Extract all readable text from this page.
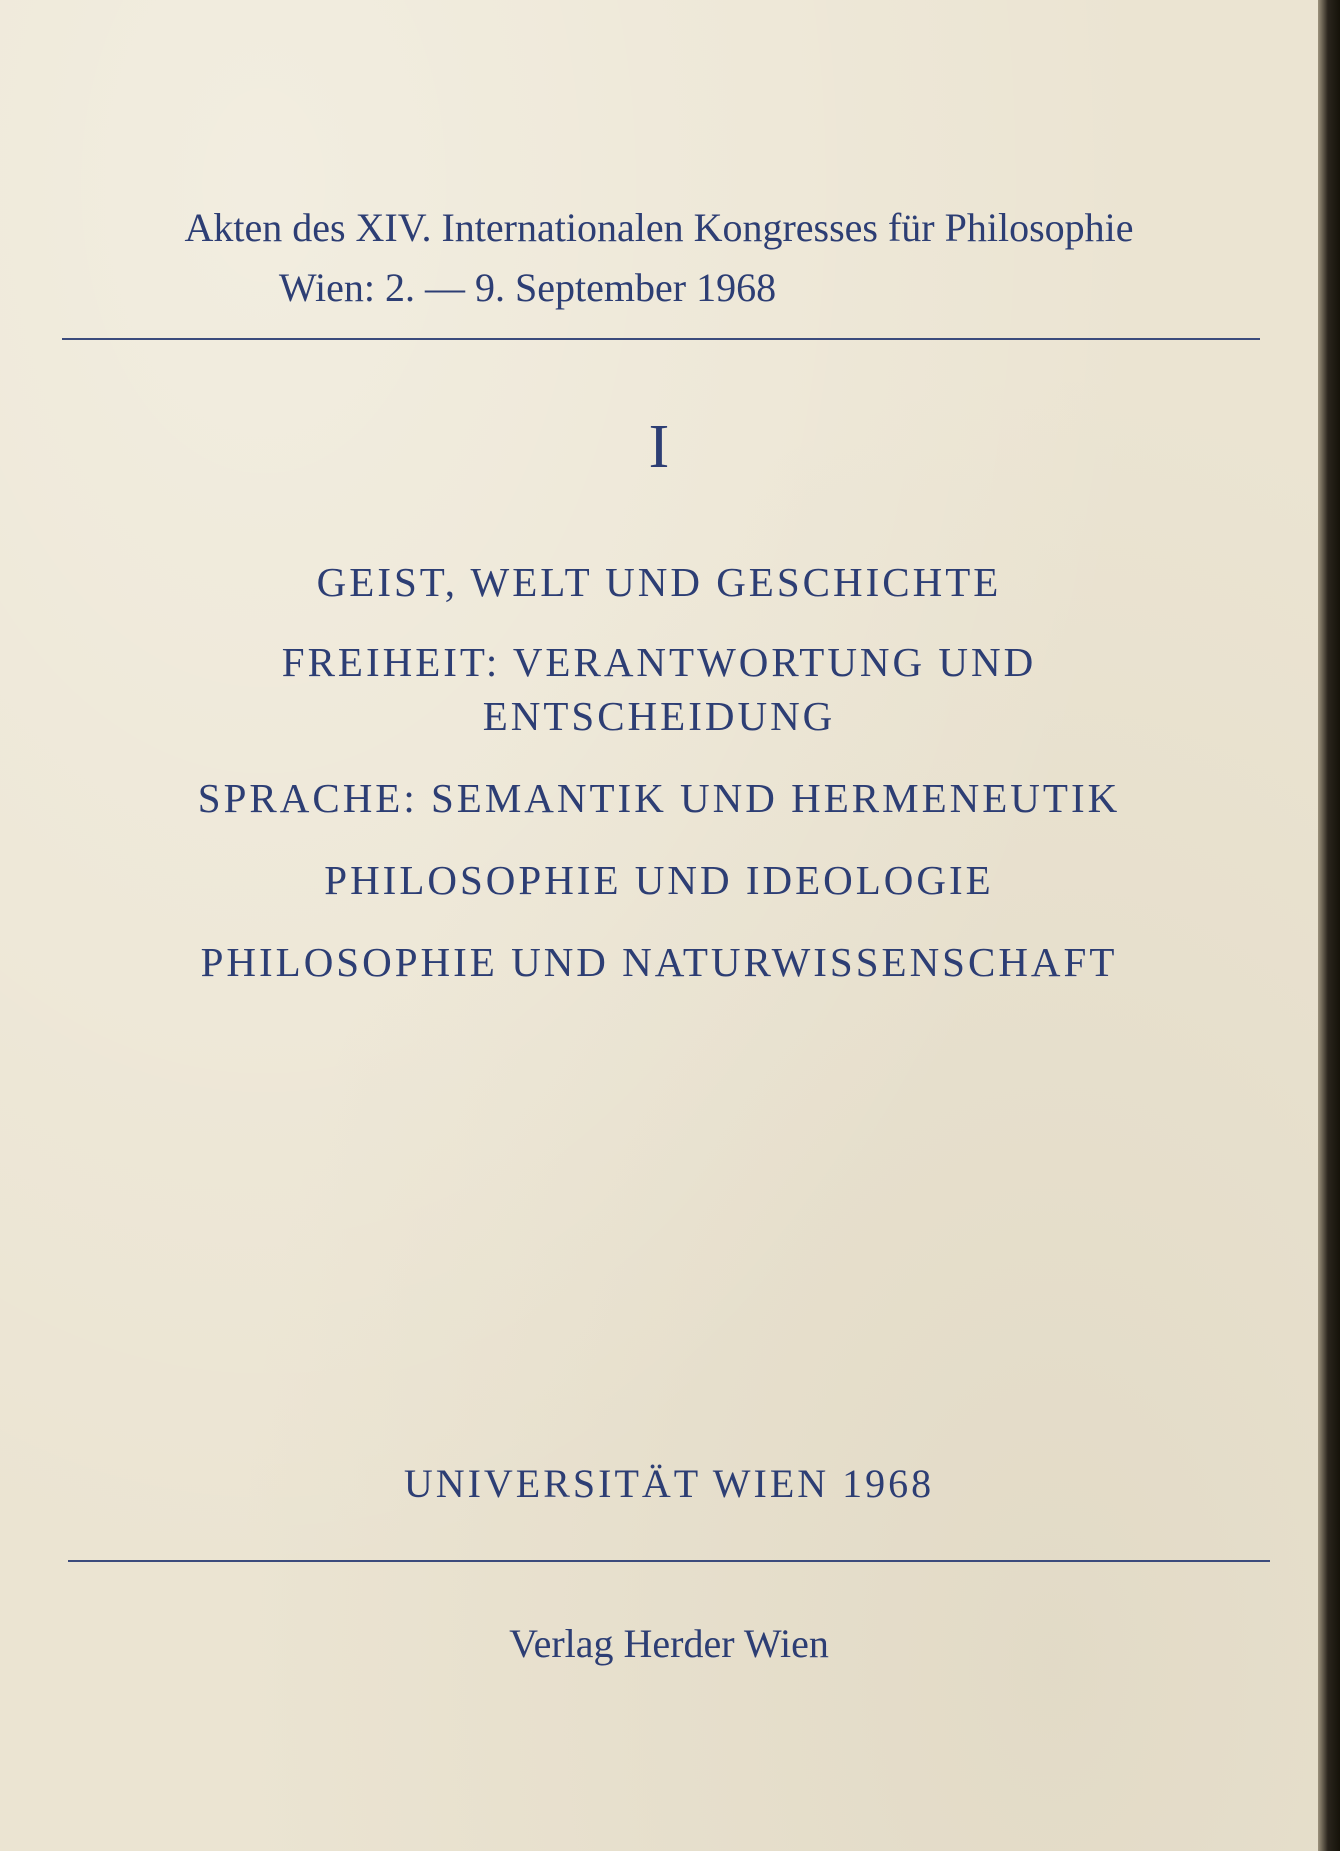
Akten des XIV. Internationalen Kongresses für Philosophie
Wien: 2. — 9. September 1968
I
GEIST, WELT UND GESCHICHTE
FREIHEIT: VERANTWORTUNG UND
ENTSCHEIDUNG
SPRACHE: SEMANTIK UND HERMENEUTIK
PHILOSOPHIE UND IDEOLOGIE
PHILOSOPHIE UND NATURWISSENSCHAFT
UNIVERSITÄT WIEN 1968
Verlag Herder Wien
